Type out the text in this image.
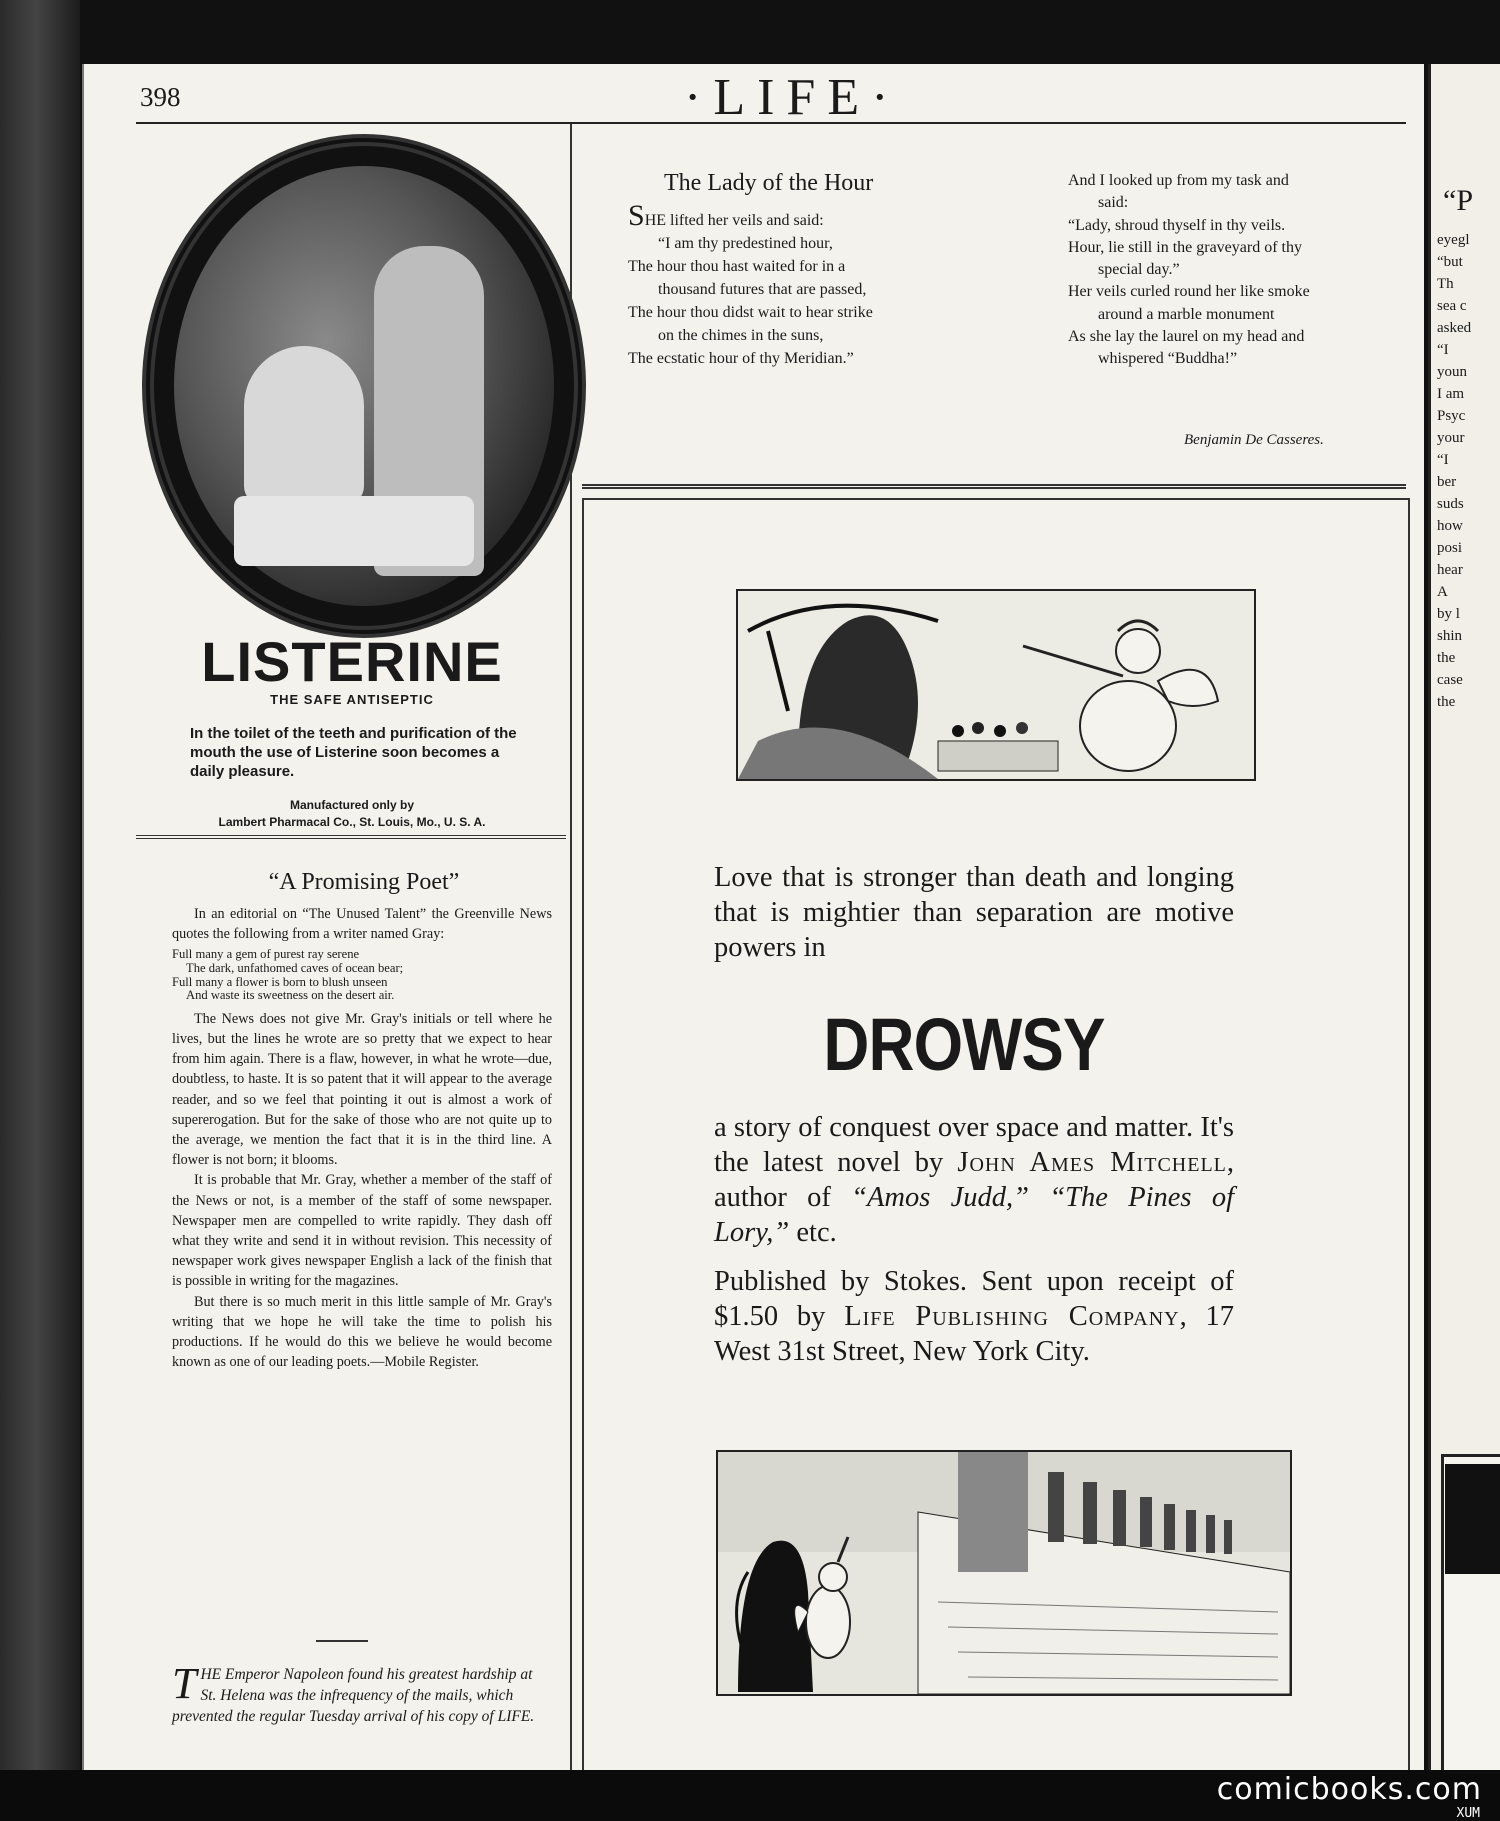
398	·LIFE·
LISTERINE
THE SAFE ANTISEPTIC
In the toilet of the teeth and purification of the mouth the use of Listerine soon becomes a daily pleasure.
Manufactured only by
Lambert Pharmacal Co., St. Louis, Mo., U. S. A.
“A Promising Poet”

In an editorial on “The Unused Talent” the Greenville News quotes the following from a writer named Gray:

Full many a gem of purest ray serene
The dark, unfathomed caves of ocean bear;
Full many a flower is born to blush unseen
And waste its sweetness on the desert air.

The News does not give Mr. Gray's initials or tell where he lives, but the lines he wrote are so pretty that we expect to hear from him again. There is a flaw, however, in what he wrote—due, doubtless, to haste. It is so patent that it will appear to the average reader, and so we feel that pointing it out is almost a work of supererogation. But for the sake of those who are not quite up to the average, we mention the fact that it is in the third line. A flower is not born; it blooms.

It is probable that Mr. Gray, whether a member of the staff of the News or not, is a member of the staff of some newspaper. Newspaper men are compelled to write rapidly. They dash off what they write and send it in without revision. This necessity of newspaper work gives newspaper English a lack of the finish that is possible in writing for the magazines.

But there is so much merit in this little sample of Mr. Gray's writing that we hope he will take the time to polish his productions. If he would do this we believe he would become known as one of our leading poets.—Mobile Register.

T HE Emperor Napoleon found his greatest hardship at St. Helena was the infrequency of the mails, which prevented the regular Tuesday arrival of his copy of LIFE.
The Lady of the Hour
SHE lifted her veils and said:
“I am thy predestined hour,
The hour thou hast waited for in a
thousand futures that are passed,
The hour thou didst wait to hear strike
on the chimes in the suns,
The ecstatic hour of thy Meridian.”
And I looked up from my task and
said:
“Lady, shroud thyself in thy veils.
Hour, lie still in the graveyard of thy
special day.”
Her veils curled round her like smoke
around a marble monument
As she lay the laurel on my head and
whispered “Buddha!”
Benjamin De Casseres.
Love that is stronger than death and longing that is mightier than separation are motive powers in
DROWSY
a story of conquest over space and matter. It's the latest novel by John Ames Mitchell, author of “Amos Judd,” “The Pines of Lory,” etc.
Published by Stokes. Sent upon receipt of $1.50 by Life Publishing Company, 17 West 31st Street, New York City.
“P
eyegl
“but
Th
sea c
asked
“I
youn
I am
Psyc
your
“I
ber
suds
how
posi
hear
A
by l
shin
the
case
the
comicbooks.com
XUM
